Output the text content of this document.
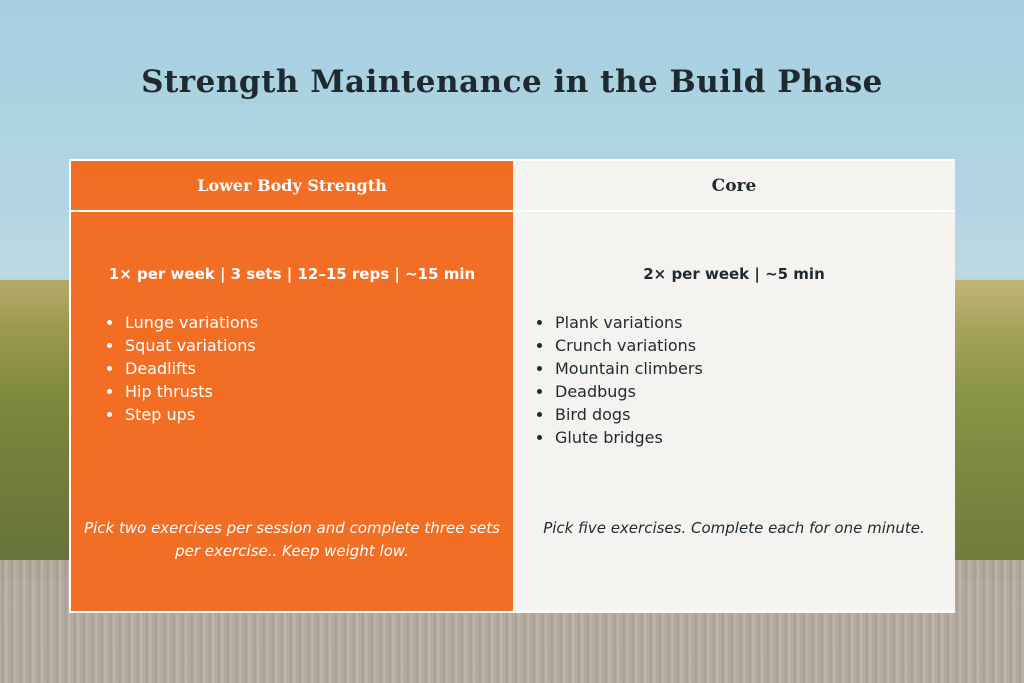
Strength Maintenance in the Build Phase
Lower Body Strength
1× per week | 3 sets | 12–15 reps | ~15 min
Lunge variations
Squat variations
Deadlifts
Hip thrusts
Step ups
Pick two exercises per session and complete three sets per exercise.. Keep weight low.
Core
2× per week | ~5 min
Plank variations
Crunch variations
Mountain climbers
Deadbugs
Bird dogs
Glute bridges
Pick five exercises. Complete each for one minute.
